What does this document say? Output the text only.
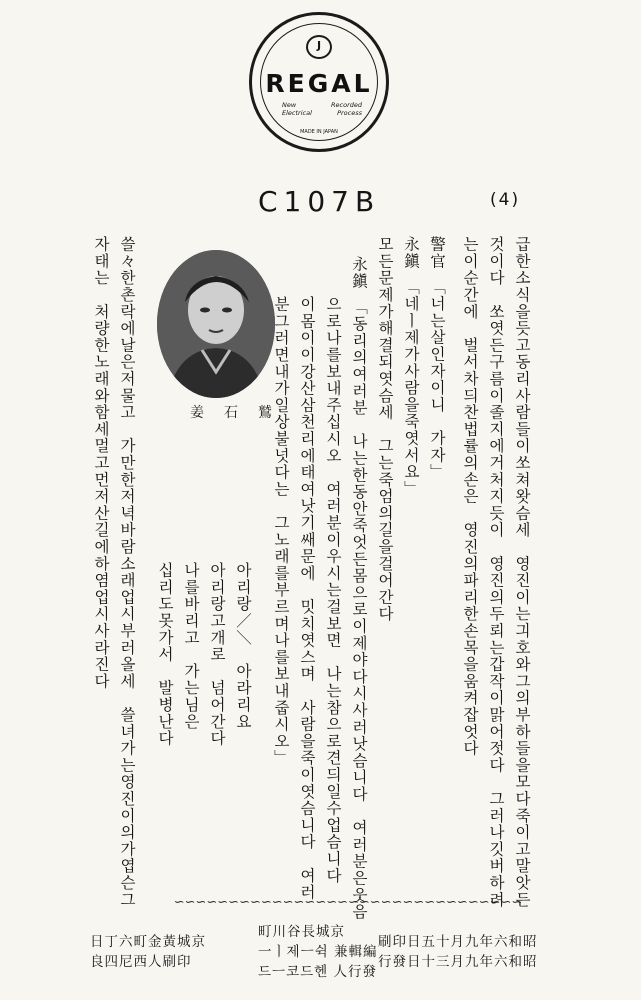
J
REGAL
New
Electrical
Recorded
Process
MADE IN JAPAN
C107B	(4)
급한소식을듯고동리사람들이쏘쳐왓슴세　영진이는긔호와그의부하들을모다죽이고말앗든
것이다　쏘엿든구름이졸지에거처지듯이　영진의두뢰는갑작이맑어젓다　그러나깃버하려
는이순간에　벌서차듸찬법률의손은　영진의파리한손목을움켜잡엇다
警官　「너는살인자이니　가자」
永鎭　「네ㅣ제가사람을죽엿서요」
모든문제가해결되엿슴세　그는죽엄의길을걸어간다
永鎭　「동리의여러분　나는한동안죽엇든몸으로이제야다시사러낫슴니다　여러분은웃음
으로나를보내주십시오　여러분이우시는걸보면　나는참으로견듸일수업슴니다
이몸이이강산삼천리에태여낫기쌔문에　밋치엿스며　사람을죽이엿슴니다　여러
분그러면내가일상불넛다는　그노래를부르며나를보내줍시오」
아리랑／＼　아라리요
아리랑고개로　넘어간다
나를바리고　가는님은
십리도못가서　발병난다
쓸々한촌락에날은저물고　가만한저녁바람소래업시부러올세　쓸녀가는영진이의가엽슨그
자태는　처량한노래와함세멀고먼저산길에하염업시사라진다	姜石鷲
∽∽∽∽∽∽∽∽∽∽∽∽∽∽∽∽∽∽∽∽∽∽∽∽∽∽∽∽∽∽∽∽
日丁六町金黃城京
良四尼西人刷印
町川谷長城京
一ㅣ제ㅡ쉭 兼輯編
드ㅡ코드헨 人行發
刷印日五十月九年六和昭
行發日十三月九年六和昭
